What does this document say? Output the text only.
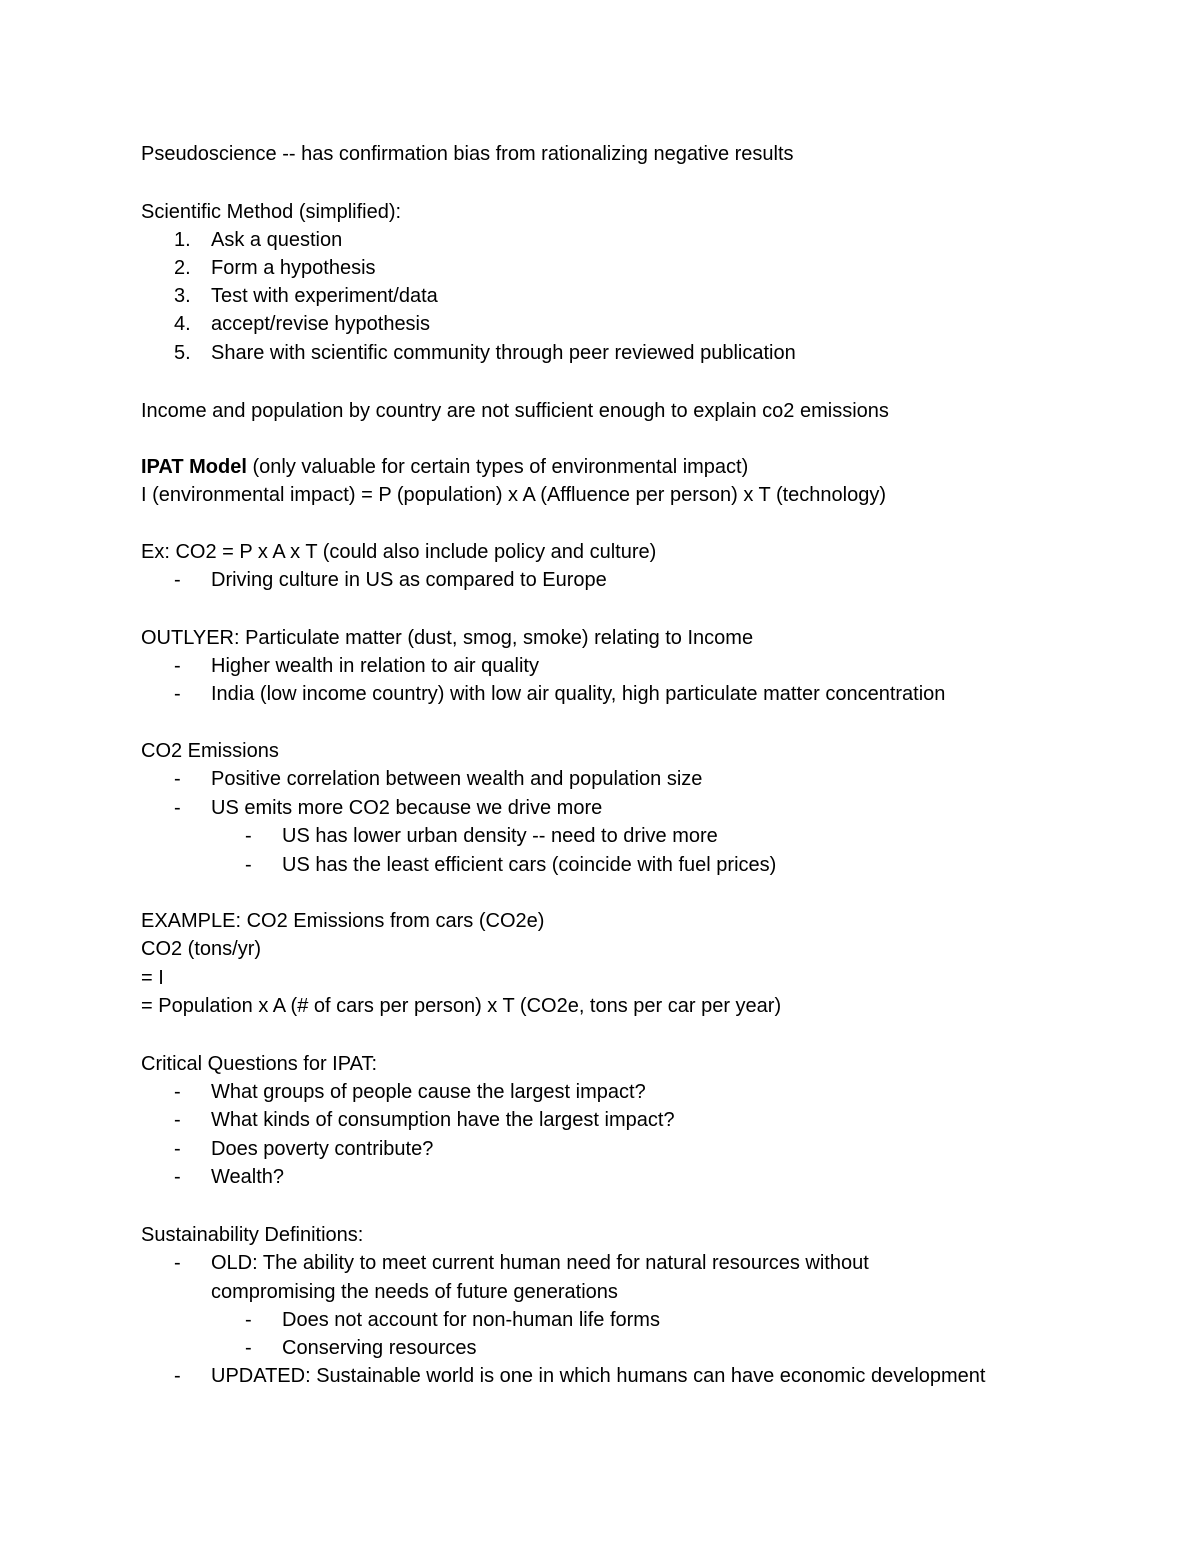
Pseudoscience -- has confirmation bias from rationalizing negative results
Scientific Method (simplified):
1.	Ask a question
2.	Form a hypothesis
3.	Test with experiment/data
4.	accept/revise hypothesis
5.	Share with scientific community through peer reviewed publication
Income and population by country are not sufficient enough to explain co2 emissions
IPAT Model (only valuable for certain types of environmental impact)
I (environmental impact) = P (population) x A (Affluence per person) x T (technology)
Ex: CO2 = P x A x T (could also include policy and culture)
- Driving culture in US as compared to Europe
OUTLYER: Particulate matter (dust, smog, smoke) relating to Income
- Higher wealth in relation to air quality
- India (low income country) with low air quality, high particulate matter concentration
CO2 Emissions
- Positive correlation between wealth and population size
- US emits more CO2 because we drive more
- US has lower urban density -- need to drive more
- US has the least efficient cars (coincide with fuel prices)
EXAMPLE: CO2 Emissions from cars (CO2e)
CO2 (tons/yr)
= I
= Population x A (# of cars per person) x T (CO2e, tons per car per year)
Critical Questions for IPAT:
- What groups of people cause the largest impact?
- What kinds of consumption have the largest impact?
- Does poverty contribute?
- Wealth?
Sustainability Definitions:
- OLD: The ability to meet current human need for natural resources without
compromising the needs of future generations
- Does not account for non-human life forms
- Conserving resources
- UPDATED: Sustainable world is one in which humans can have economic development
